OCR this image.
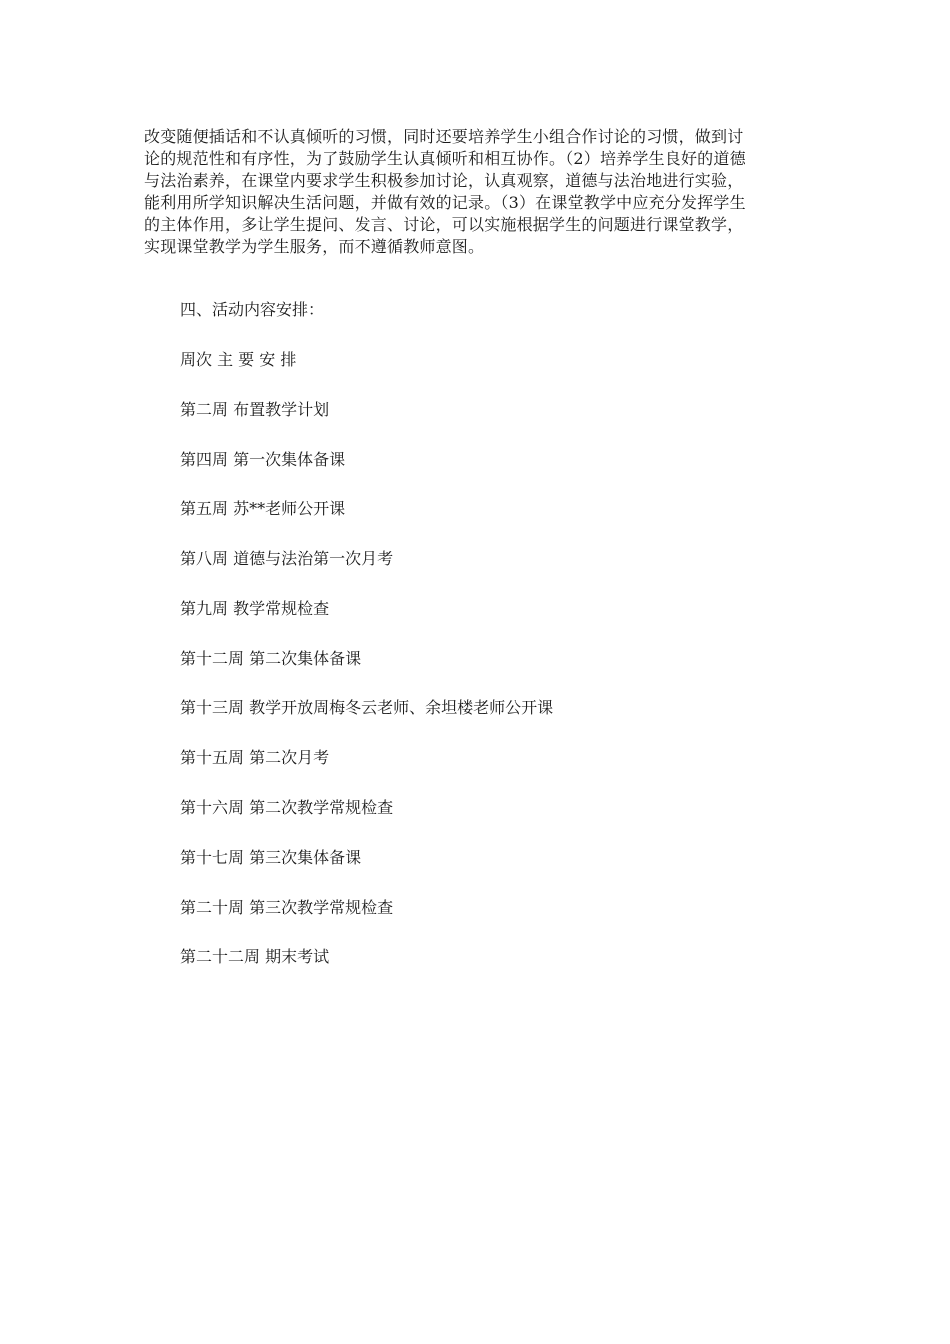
改变随便插话和不认真倾听的习惯，同时还要培养学生小组合作讨论的习惯，做到讨
论的规范性和有序性，为了鼓励学生认真倾听和相互协作。（2）培养学生良好的道德
与法治素养，在课堂内要求学生积极参加讨论，认真观察，道德与法治地进行实验，
能利用所学知识解决生活问题，并做有效的记录。（3）在课堂教学中应充分发挥学生
的主体作用，多让学生提问、发言、讨论，可以实施根据学生的问题进行课堂教学，
实现课堂教学为学生服务，而不遵循教师意图。
四、活动内容安排：
周次 主 要 安 排
第二周 布置教学计划
第四周 第一次集体备课
第五周 苏**老师公开课
第八周 道德与法治第一次月考
第九周 教学常规检查
第十二周 第二次集体备课
第十三周 教学开放周梅冬云老师、余坦楼老师公开课
第十五周 第二次月考
第十六周 第二次教学常规检查
第十七周 第三次集体备课
第二十周 第三次教学常规检查
第二十二周 期末考试
